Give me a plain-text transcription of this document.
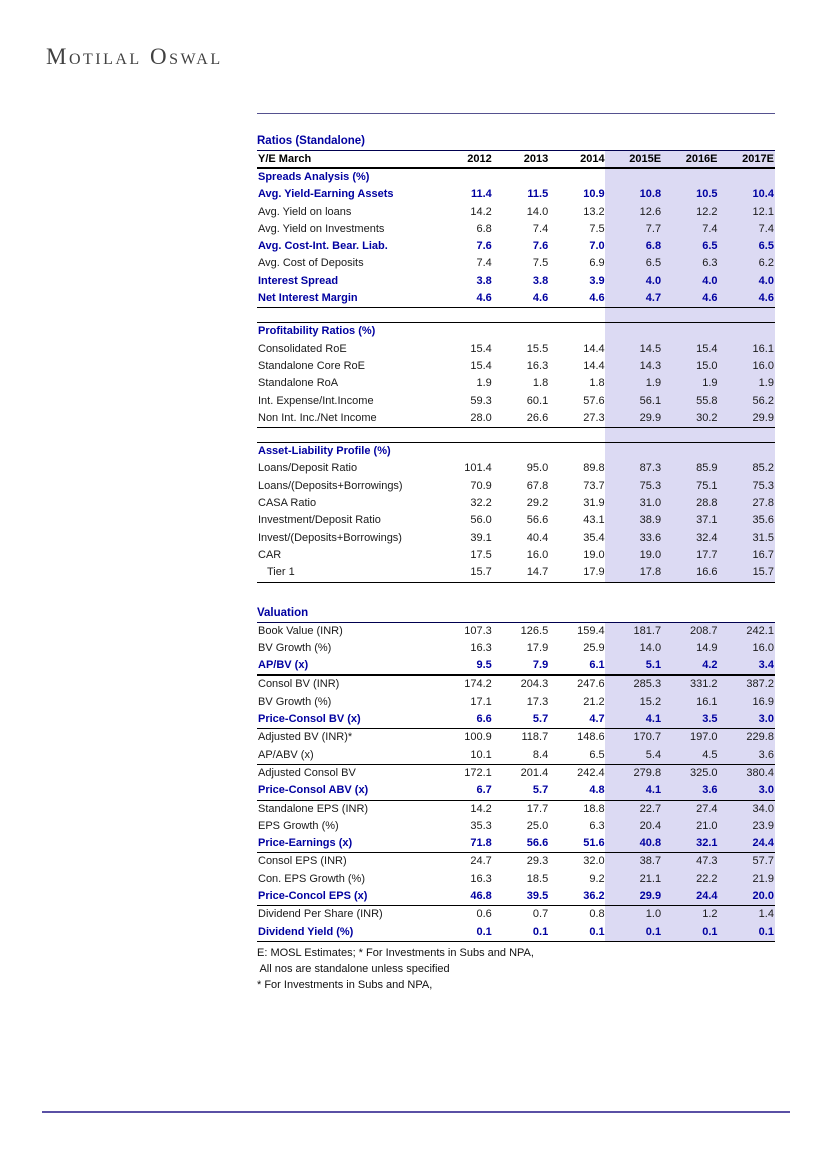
Motilal Oswal
Ratios (Standalone)
Y/E March	2012	2013	2014	2015E	2016E	2017E
Spreads Analysis (%)
Avg. Yield-Earning Assets	11.4	11.5	10.9	10.8	10.5	10.4
Avg. Yield on loans	14.2	14.0	13.2	12.6	12.2	12.1
Avg. Yield on Investments	6.8	7.4	7.5	7.7	7.4	7.4
Avg. Cost-Int. Bear. Liab.	7.6	7.6	7.0	6.8	6.5	6.5
Avg. Cost of Deposits	7.4	7.5	6.9	6.5	6.3	6.2
Interest Spread	3.8	3.8	3.9	4.0	4.0	4.0
Net Interest Margin	4.6	4.6	4.6	4.7	4.6	4.6
Profitability Ratios (%)
Consolidated RoE	15.4	15.5	14.4	14.5	15.4	16.1
Standalone Core RoE	15.4	16.3	14.4	14.3	15.0	16.0
Standalone RoA	1.9	1.8	1.8	1.9	1.9	1.9
Int. Expense/Int.Income	59.3	60.1	57.6	56.1	55.8	56.2
Non Int. Inc./Net Income	28.0	26.6	27.3	29.9	30.2	29.9
Asset-Liability Profile (%)
Loans/Deposit Ratio	101.4	95.0	89.8	87.3	85.9	85.2
Loans/(Deposits+Borrowings)	70.9	67.8	73.7	75.3	75.1	75.3
CASA Ratio	32.2	29.2	31.9	31.0	28.8	27.8
Investment/Deposit Ratio	56.0	56.6	43.1	38.9	37.1	35.6
Invest/(Deposits+Borrowings)	39.1	40.4	35.4	33.6	32.4	31.5
CAR	17.5	16.0	19.0	19.0	17.7	16.7
Tier 1	15.7	14.7	17.9	17.8	16.6	15.7
Valuation
Book Value (INR)	107.3	126.5	159.4	181.7	208.7	242.1
BV Growth (%)	16.3	17.9	25.9	14.0	14.9	16.0
AP/BV (x)	9.5	7.9	6.1	5.1	4.2	3.4
Consol BV (INR)	174.2	204.3	247.6	285.3	331.2	387.2
BV Growth (%)	17.1	17.3	21.2	15.2	16.1	16.9
Price-Consol BV (x)	6.6	5.7	4.7	4.1	3.5	3.0
Adjusted BV (INR)*	100.9	118.7	148.6	170.7	197.0	229.8
AP/ABV (x)	10.1	8.4	6.5	5.4	4.5	3.6
Adjusted Consol BV	172.1	201.4	242.4	279.8	325.0	380.4
Price-Consol ABV (x)	6.7	5.7	4.8	4.1	3.6	3.0
Standalone EPS (INR)	14.2	17.7	18.8	22.7	27.4	34.0
EPS Growth (%)	35.3	25.0	6.3	20.4	21.0	23.9
Price-Earnings (x)	71.8	56.6	51.6	40.8	32.1	24.4
Consol EPS (INR)	24.7	29.3	32.0	38.7	47.3	57.7
Con. EPS Growth (%)	16.3	18.5	9.2	21.1	22.2	21.9
Price-Concol EPS (x)	46.8	39.5	36.2	29.9	24.4	20.0
Dividend Per Share (INR)	0.6	0.7	0.8	1.0	1.2	1.4
Dividend Yield (%)	0.1	0.1	0.1	0.1	0.1	0.1
E: MOSL Estimates; * For Investments in Subs and NPA,
All nos are standalone unless specified
* For Investments in Subs and NPA,
